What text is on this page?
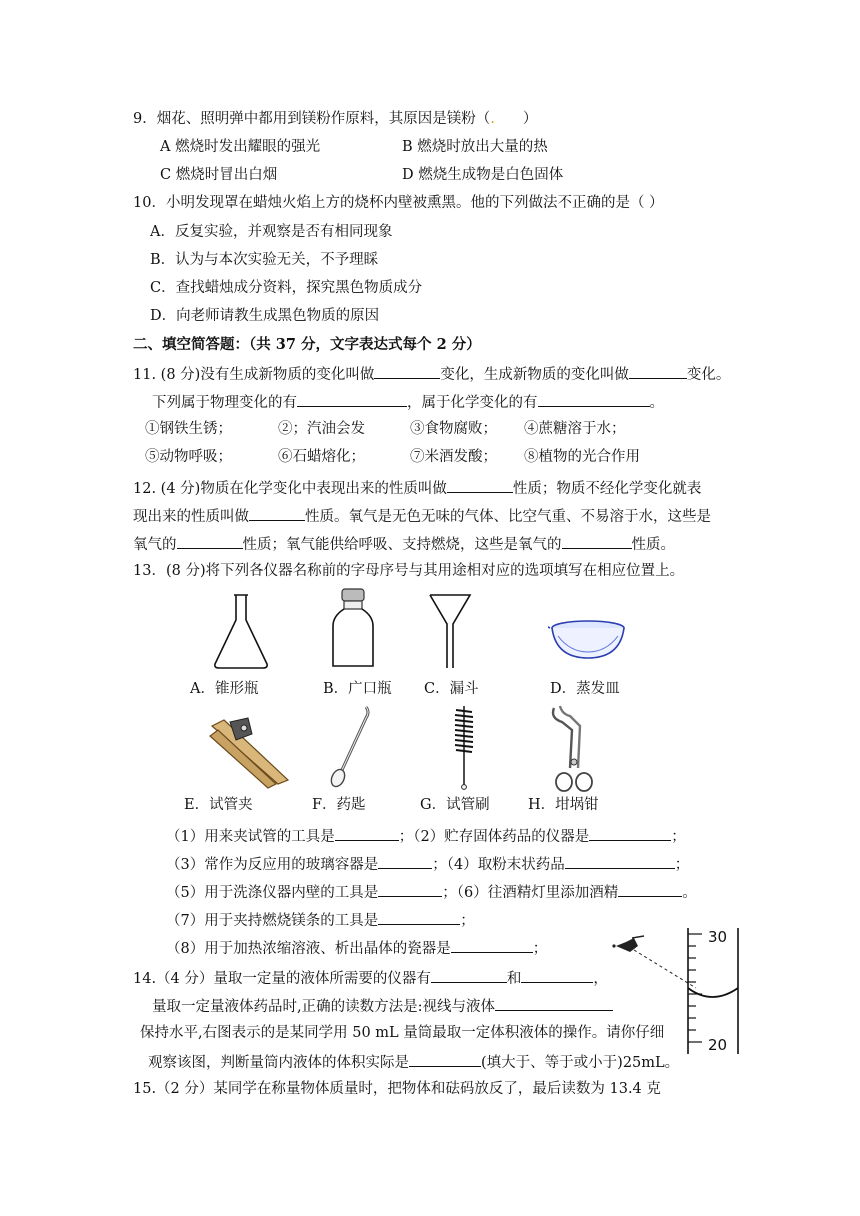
9．烟花、照明弹中都用到镁粉作原料，其原因是镁粉（. ）
A 燃烧时发出耀眼的强光	B 燃烧时放出大量的热
C 燃烧时冒出白烟	D 燃烧生成物是白色固体
10．小明发现罩在蜡烛火焰上方的烧杯内壁被熏黑。他的下列做法不正确的是（ ）
A．反复实验，并观察是否有相同现象
B．认为与本次实验无关，不予理睬
C．查找蜡烛成分资料，探究黑色物质成分
D．向老师请教生成黑色物质的原因
二、填空简答题：（共 37 分，文字表达式每个 2 分）
11. (8 分)没有生成新物质的变化叫做	变化，生成新物质的变化叫做	变化。
下列属于物理变化的有	，属于化学变化的有	。
①钢铁生锈；	②；汽油会发	③食物腐败； ④蔗糖溶于水；
⑤动物呼吸；	⑥石蜡熔化；	⑦米酒发酸； ⑧植物的光合作用
12. (4 分)物质在化学变化中表现出来的性质叫做	性质；物质不经化学变化就表
现出来的性质叫做	性质。氧气是无色无味的气体、比空气重、不易溶于水，这些是
氧气的	性质；氧气能供给呼吸、支持燃烧，这些是氧气的	性质。
13．(8 分)将下列各仪器名称前的字母序号与其用途相对应的选项填写在相应位置上。
A．锥形瓶	B．广口瓶 C．漏斗	D．蒸发皿
E．试管夹	F．药匙	G．试管刷	H．坩埚钳
（1）用来夹试管的工具是	；（2）贮存固体药品的仪器是	；
（3）常作为反应用的玻璃容器是	；（4）取粉末状药品	；
（5）用于洗涤仪器内壁的工具是	；（6）往酒精灯里添加酒精	。
（7）用于夹持燃烧镁条的工具是	；
（8）用于加热浓缩溶液、析出晶体的瓷器是	；
14.（4 分）量取一定量的液体所需要的仪器有	和	，
量取一定量液体药品时,正确的读数方法是:视线与液体
保持水平,右图表示的是某同学用 50 mL 量筒最取一定体积液体的操作。请你仔细
观察该图，判断量筒内液体的体积实际是	(填大于、等于或小于)25mL。
30
20
15.（2 分）某同学在称量物体质量时，把物体和砝码放反了，最后读数为 13.4 克
